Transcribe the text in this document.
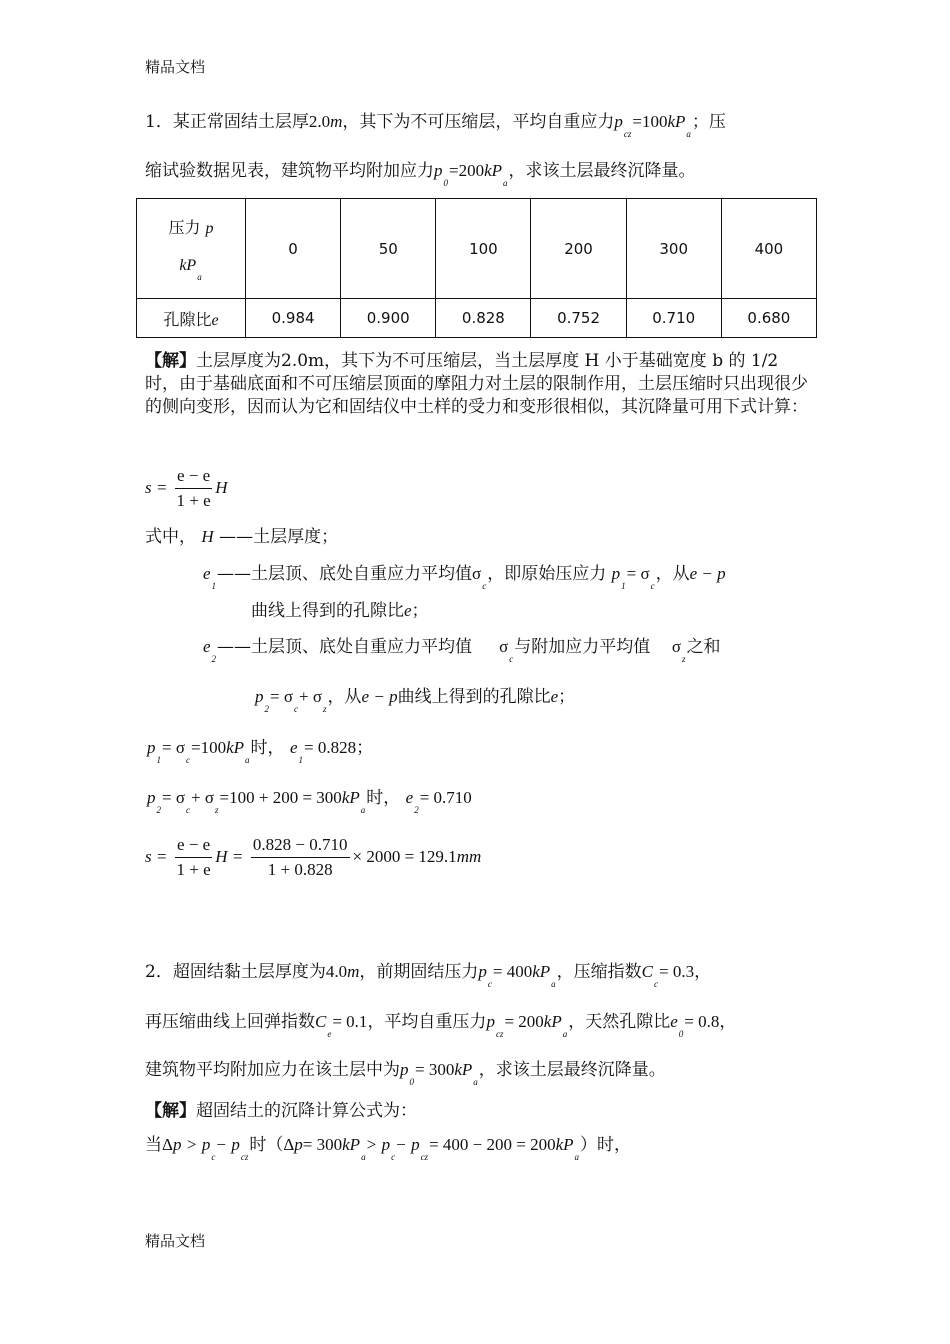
精品文档
1．某正常固结土层厚2.0m，其下为不可压缩层，平均自重应力$p_{cz}=100kP_a$；压
缩试验数据见表，建筑物平均附加应力$p_0=200kP_a$，求该土层最终沉降量。
压力 p
$kP_a$	0	50	100	200	300	400
孔隙比e	0.984	0.900	0.828	0.752	0.710	0.680
【解】土层厚度为2.0m，其下为不可压缩层，当土层厚度 H 小于基础宽度 b 的 1/2 时，由于基础底面和不可压缩层顶面的摩阻力对土层的限制作用，土层压缩时只出现很少的侧向变形，因而认为它和固结仪中土样的受力和变形很相似，其沉降量可用下式计算：
$s = \frac{e - e}{1 + e}$ H
式中， H ——土层厚度；
$e_1——$土层顶、底处自重应力平均值$\sigma_c$，即原始压应力 $p_1= \sigma_c$，从e − p
曲线上得到的孔隙比e；
$e_2——$土层顶、底处自重应力平均值 $\sigma_c$与附加应力平均值 $\sigma_z$之和
$p_2= \sigma_c+ \sigma_z$，从e − p曲线上得到的孔隙比e；
$p_1= \sigma_c=100kP_a$时， $e_1= 0.828$；
$p_2= \sigma_c+ \sigma_z=100 + 200 = 300kP_a$时， $e_2= 0.710$
$s = \frac{e - e}{1 + e}$ $H = \frac{0.828 - 0.710}{1 + 0.828} \times 2000 = 129.1mm$
2．超固结黏土层厚度为4.0m，前期固结压力$p_c= 400kP_a$，压缩指数$C_c= 0.3$，
再压缩曲线上回弹指数$C_e= 0.1$，平均自重压力$p_{cz}= 200kP_a$，天然孔隙比$e_0= 0.8$，
建筑物平均附加应力在该土层中为$p_0= 300kP_a$，求该土层最终沉降量。
【解】超固结土的沉降计算公式为：
当$\Delta p > p_c- p_{cz}$时$(\Delta p= 300kP_a> p_c- p_{cz}= 400 - 200 = 200kP_a)$时，
精品文档
